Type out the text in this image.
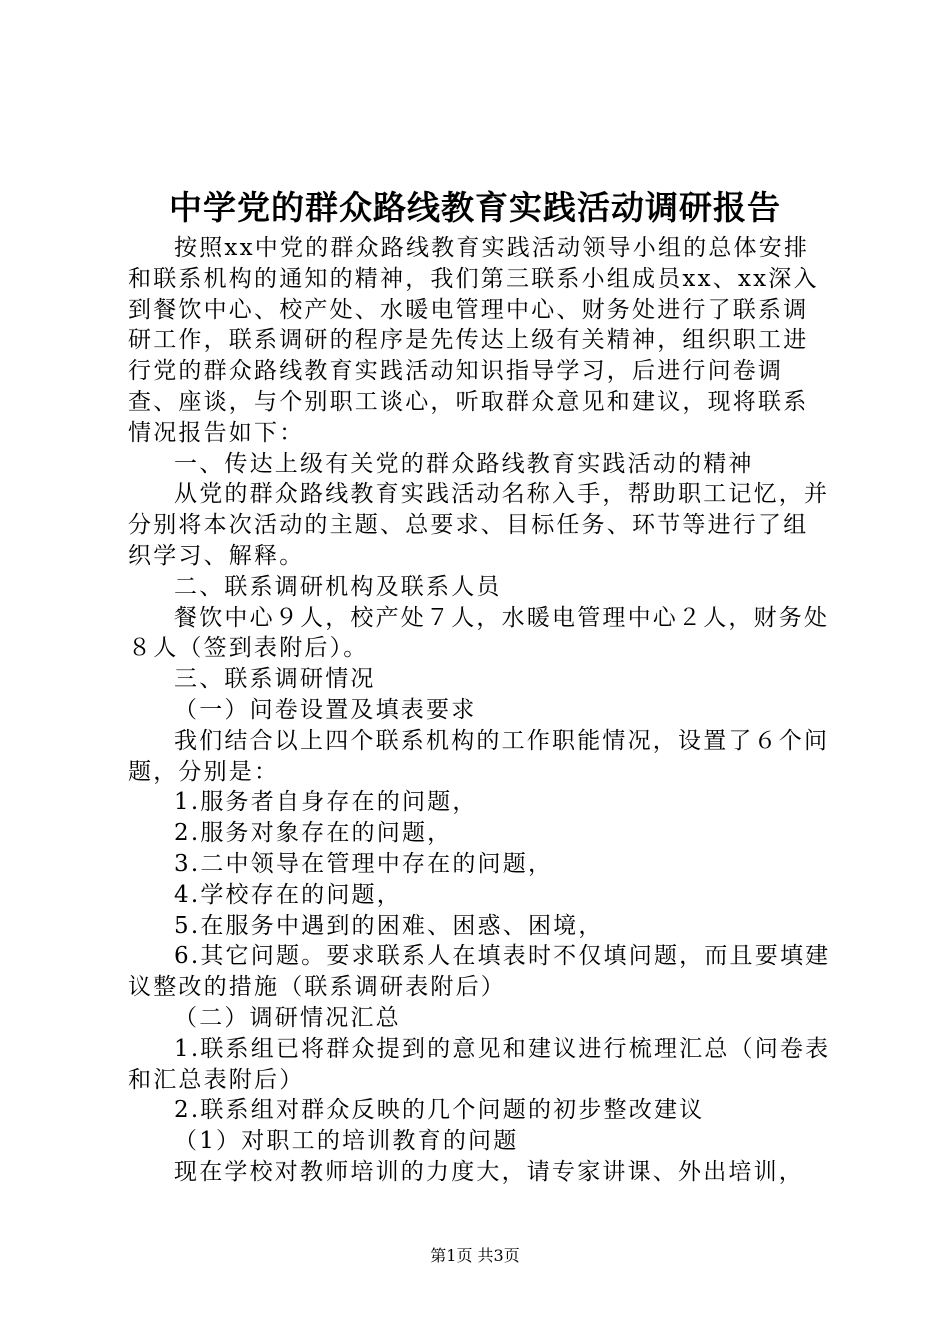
中学党的群众路线教育实践活动调研报告

按照xx中党的群众路线教育实践活动领导小组的总体安排和联系机构的通知的精神，我们第三联系小组成员xx、xx深入到餐饮中心、校产处、水暖电管理中心、财务处进行了联系调研工作，联系调研的程序是先传达上级有关精神，组织职工进行党的群众路线教育实践活动知识指导学习，后进行问卷调查、座谈，与个别职工谈心，听取群众意见和建议，现将联系情况报告如下：

一、传达上级有关党的群众路线教育实践活动的精神

从党的群众路线教育实践活动名称入手，帮助职工记忆，并分别将本次活动的主题、总要求、目标任务、环节等进行了组织学习、解释。

二、联系调研机构及联系人员

餐饮中心９人，校产处７人，水暖电管理中心２人，财务处８人（签到表附后）。

三、联系调研情况

（一）问卷设置及填表要求

我们结合以上四个联系机构的工作职能情况，设置了６个问题，分别是：

1.服务者自身存在的问题，

2.服务对象存在的问题，

3.二中领导在管理中存在的问题，

4.学校存在的问题，

5.在服务中遇到的困难、困惑、困境，

6.其它问题。要求联系人在填表时不仅填问题，而且要填建议整改的措施（联系调研表附后）

（二）调研情况汇总

1.联系组已将群众提到的意见和建议进行梳理汇总（问卷表和汇总表附后）

2.联系组对群众反映的几个问题的初步整改建议

（1）对职工的培训教育的问题

现在学校对教师培训的力度大，请专家讲课、外出培训，

第1页 共3页
